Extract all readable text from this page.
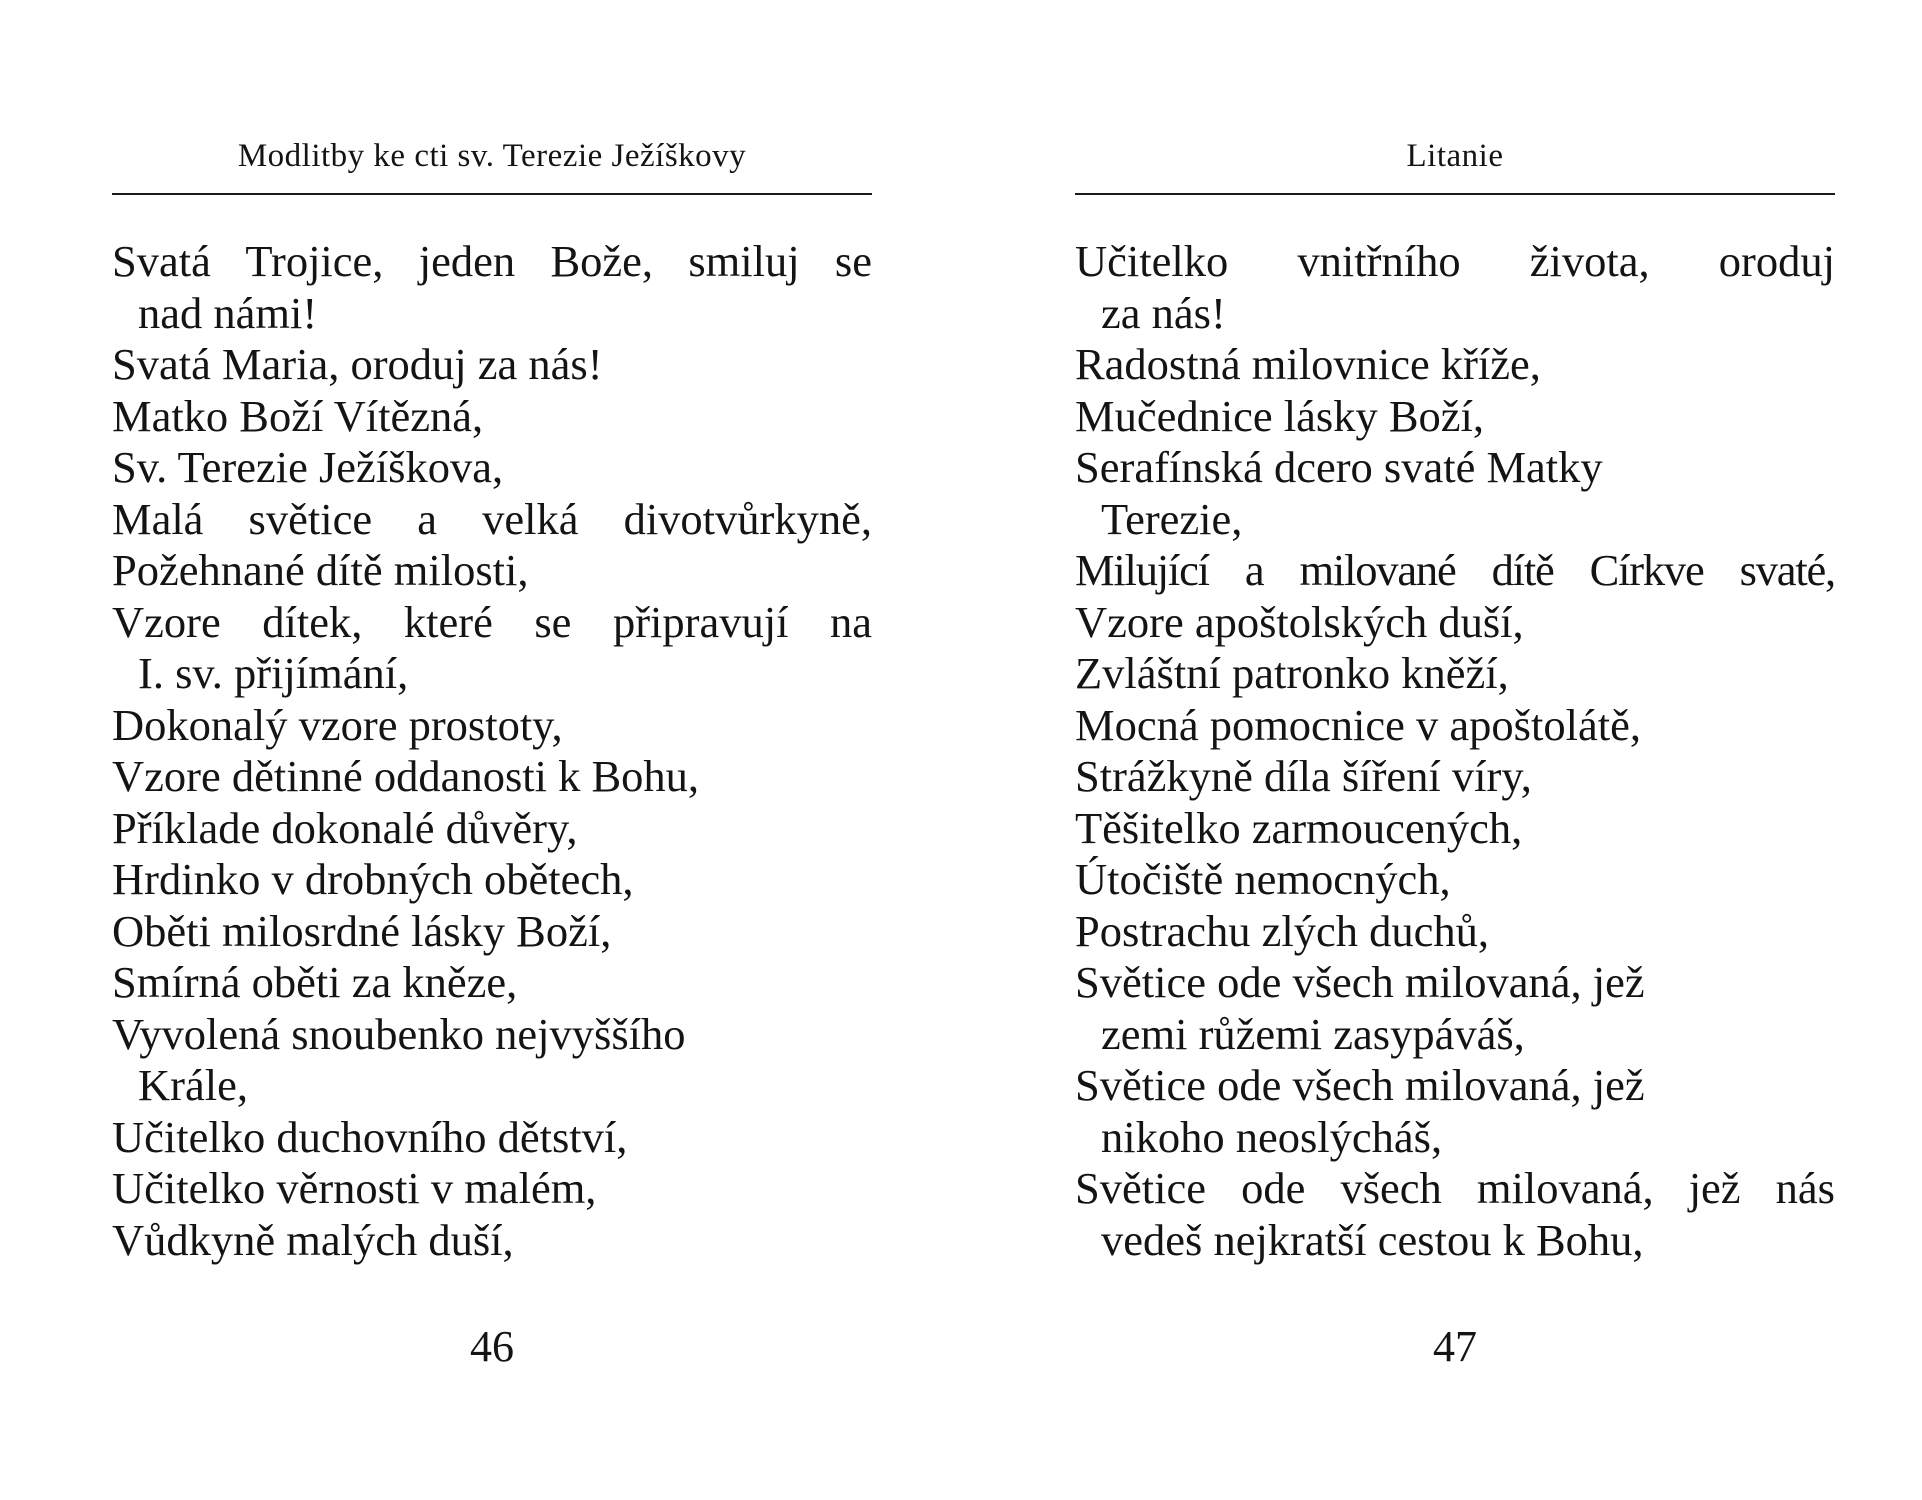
Modlitby ke cti sv. Terezie Ježíškovy
Svatá Trojice, jeden Bože, smiluj se
nad námi!
Svatá Maria, oroduj za nás!
Matko Boží Vítězná,
Sv. Terezie Ježíškova,
Malá světice a velká divotvůrkyně,
Požehnané dítě milosti,
Vzore dítek, které se připravují na
I. sv. přijímání,
Dokonalý vzore prostoty,
Vzore dětinné oddanosti k Bohu,
Příklade dokonalé důvěry,
Hrdinko v drobných obětech,
Oběti milosrdné lásky Boží,
Smírná oběti za kněze,
Vyvolená snoubenko nejvyššího
Krále,
Učitelko duchovního dětství,
Učitelko věrnosti v malém,
Vůdkyně malých duší,
46
Litanie
Učitelko vnitřního života, oroduj
za nás!
Radostná milovnice kříže,
Mučednice lásky Boží,
Serafínská dcero svaté Matky
Terezie,
Milující a milované dítě Církve svaté,
Vzore apoštolských duší,
Zvláštní patronko kněží,
Mocná pomocnice v apoštolátě,
Strážkyně díla šíření víry,
Těšitelko zarmoucených,
Útočiště nemocných,
Postrachu zlých duchů,
Světice ode všech milovaná, jež
zemi růžemi zasypáváš,
Světice ode všech milovaná, jež
nikoho neoslýcháš,
Světice ode všech milovaná, jež nás
vedeš nejkratší cestou k Bohu,
47
